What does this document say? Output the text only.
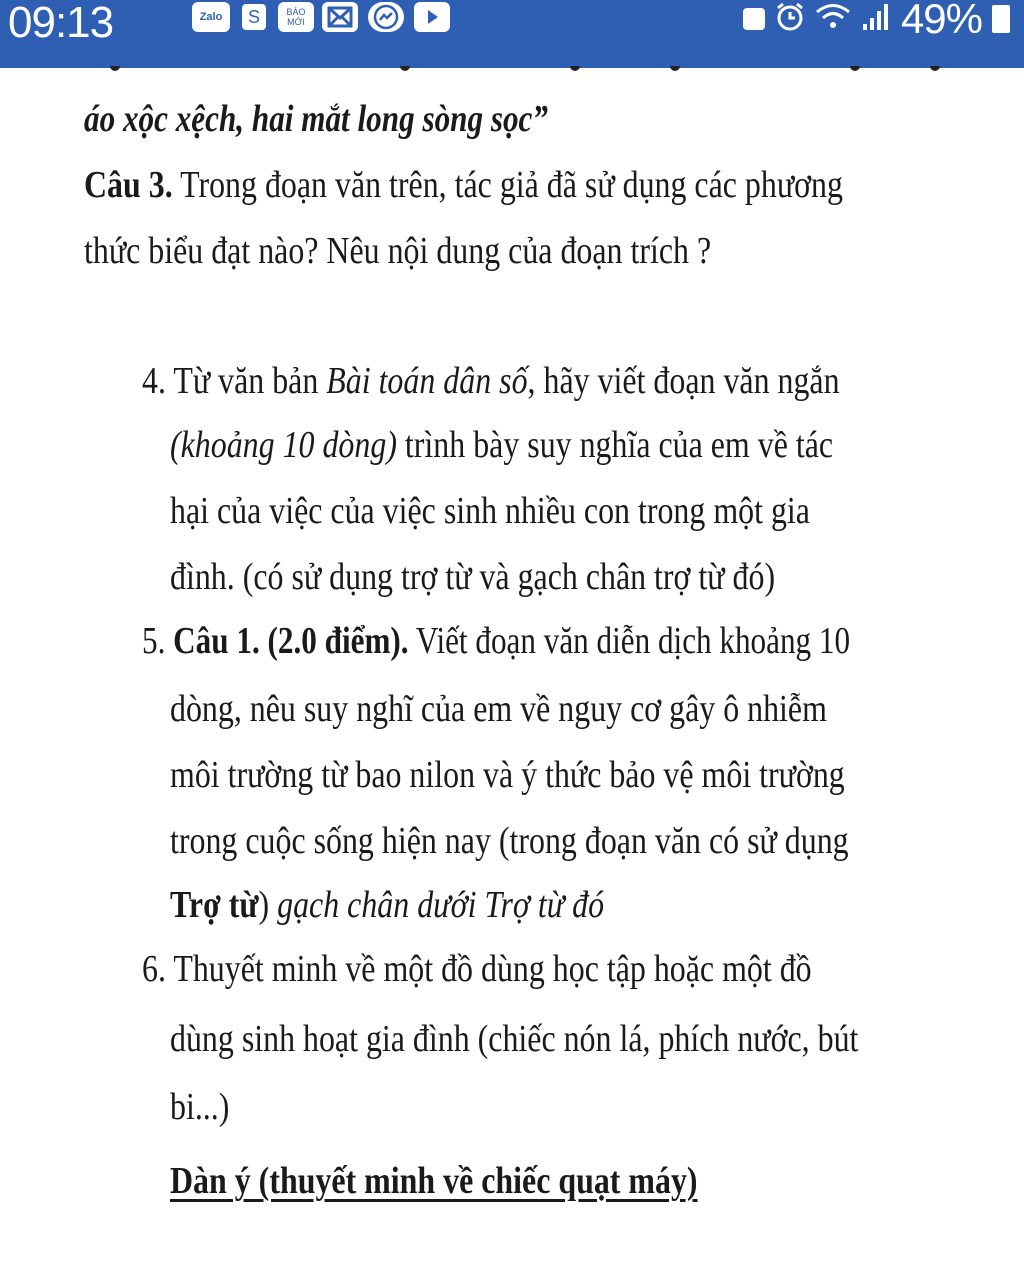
09:13	Zalo	S	BÁO MỚI	49%
áo xộc xệch, hai mắt long sòng sọc”
Câu 3. Trong đoạn văn trên, tác giả đã sử dụng các phương
thức biểu đạt nào? Nêu nội dung của đoạn trích ?
4. Từ văn bản Bài toán dân số, hãy viết đoạn văn ngắn
(khoảng 10 dòng) trình bày suy nghĩa của em về tác
hại của việc của việc sinh nhiều con trong một gia
đình. (có sử dụng trợ từ và gạch chân trợ từ đó)
5. Câu 1. (2.0 điểm). Viết đoạn văn diễn dịch khoảng 10
dòng, nêu suy nghĩ của em về nguy cơ gây ô nhiễm
môi trường từ bao nilon và ý thức bảo vệ môi trường
trong cuộc sống hiện nay (trong đoạn văn có sử dụng
Trợ từ) gạch chân dưới Trợ từ đó
6. Thuyết minh về một đồ dùng học tập hoặc một đồ
dùng sinh hoạt gia đình (chiếc nón lá, phích nước, bút
bi...)
Dàn ý (thuyết minh về chiếc quạt máy)
